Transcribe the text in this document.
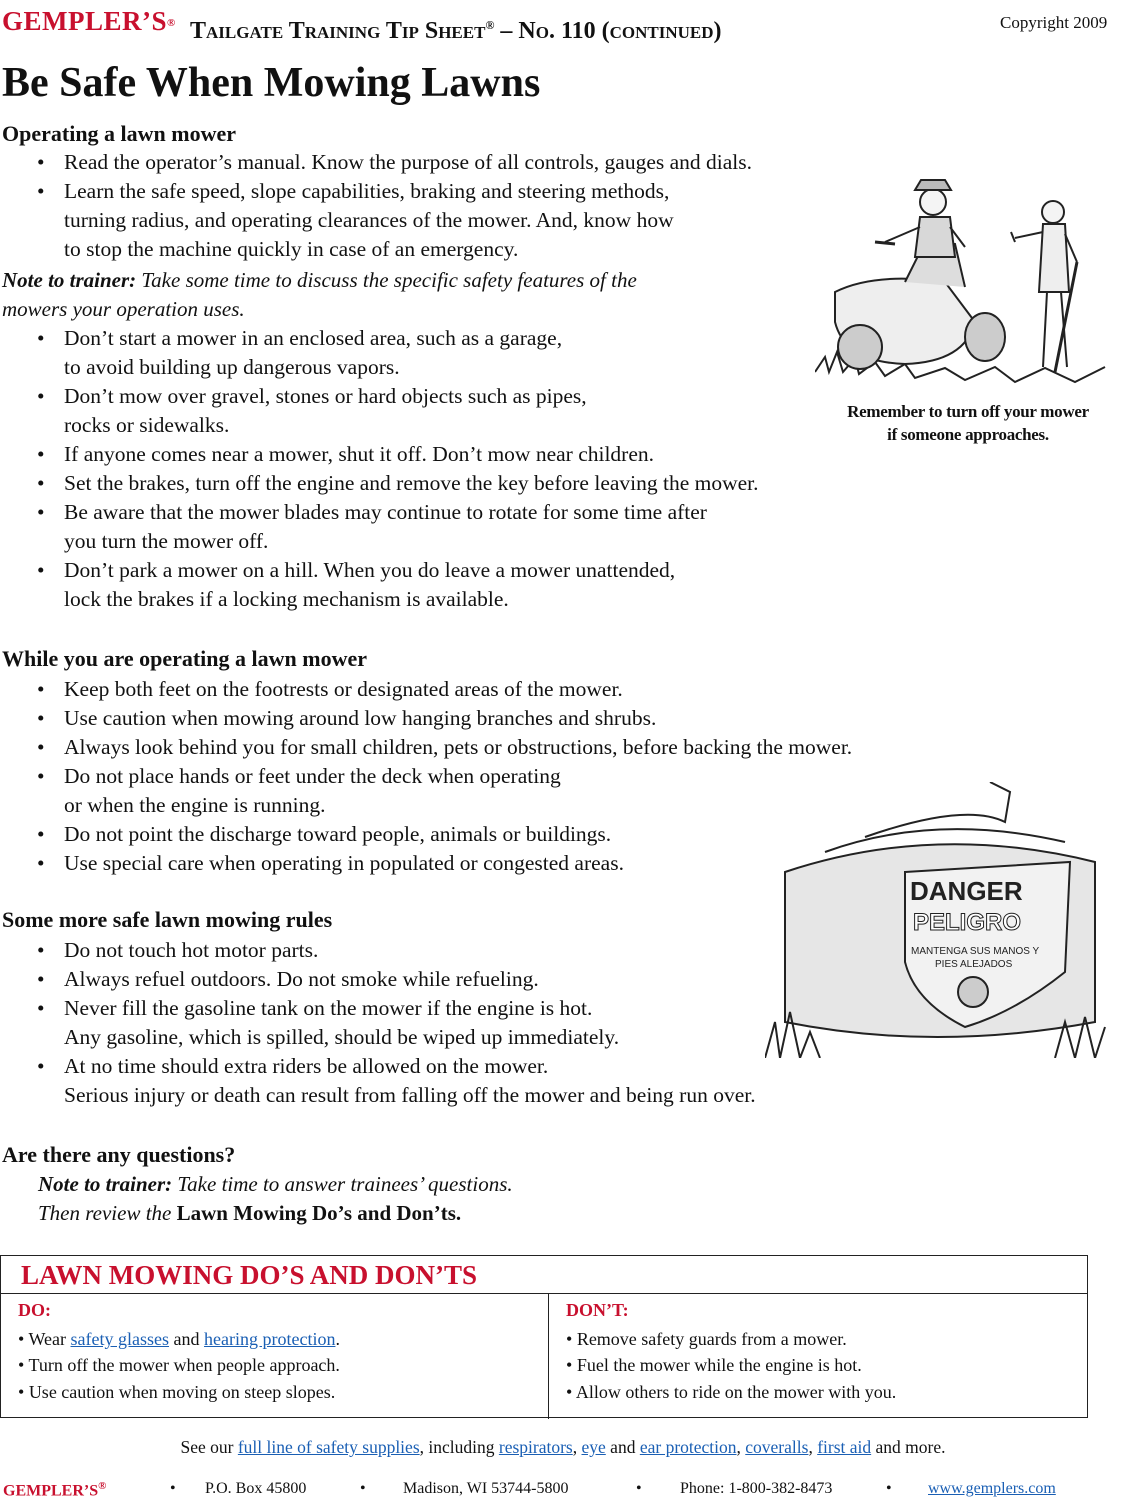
GEMPLER’S® Tailgate Training Tip Sheet® – No. 110 (continued)	Copyright 2009
Be Safe When Mowing Lawns
Operating a lawn mower
• Read the operator’s manual. Know the purpose of all controls, gauges and dials.
• Learn the safe speed, slope capabilities, braking and steering methods,
turning radius, and operating clearances of the mower. And, know how
to stop the machine quickly in case of an emergency.
Note to trainer: Take some time to discuss the specific safety features of the
mowers your operation uses.
• Don’t start a mower in an enclosed area, such as a garage,
to avoid building up dangerous vapors.
• Don’t mow over gravel, stones or hard objects such as pipes,
rocks or sidewalks.
• If anyone comes near a mower, shut it off. Don’t mow near children.
• Set the brakes, turn off the engine and remove the key before leaving the mower.
• Be aware that the mower blades may continue to rotate for some time after
you turn the mower off.
• Don’t park a mower on a hill. When you do leave a mower unattended,
lock the brakes if a locking mechanism is available.
While you are operating a lawn mower
• Keep both feet on the footrests or designated areas of the mower.
• Use caution when mowing around low hanging branches and shrubs.
• Always look behind you for small children, pets or obstructions, before backing the mower.
• Do not place hands or feet under the deck when operating
or when the engine is running.
• Do not point the discharge toward people, animals or buildings.
• Use special care when operating in populated or congested areas.
Some more safe lawn mowing rules
• Do not touch hot motor parts.
• Always refuel outdoors. Do not smoke while refueling.
• Never fill the gasoline tank on the mower if the engine is hot.
Any gasoline, which is spilled, should be wiped up immediately.
• At no time should extra riders be allowed on the mower.
Serious injury or death can result from falling off the mower and being run over.
Are there any questions?
Note to trainer: Take time to answer trainees’ questions.
Then review the Lawn Mowing Do’s and Don’ts.
Remember to turn off your mower
if someone approaches.
DANGER
PELIGRO
MANTENGA SUS MANOS Y
PIES ALEJADOS
LAWN MOWING DO’S AND DON’TS
DO:
• Wear safety glasses and hearing protection.
• Turn off the mower when people approach.
• Use caution when moving on steep slopes.
DON’T:
• Remove safety guards from a mower.
• Fuel the mower while the engine is hot.
• Allow others to ride on the mower with you.
See our full line of safety supplies, including respirators, eye and ear protection, coveralls, first aid and more.
GEMPLER’S®	• P.O. Box 45800	• Madison, WI 53744-5800	• Phone: 1-800-382-8473	• www.gemplers.com
